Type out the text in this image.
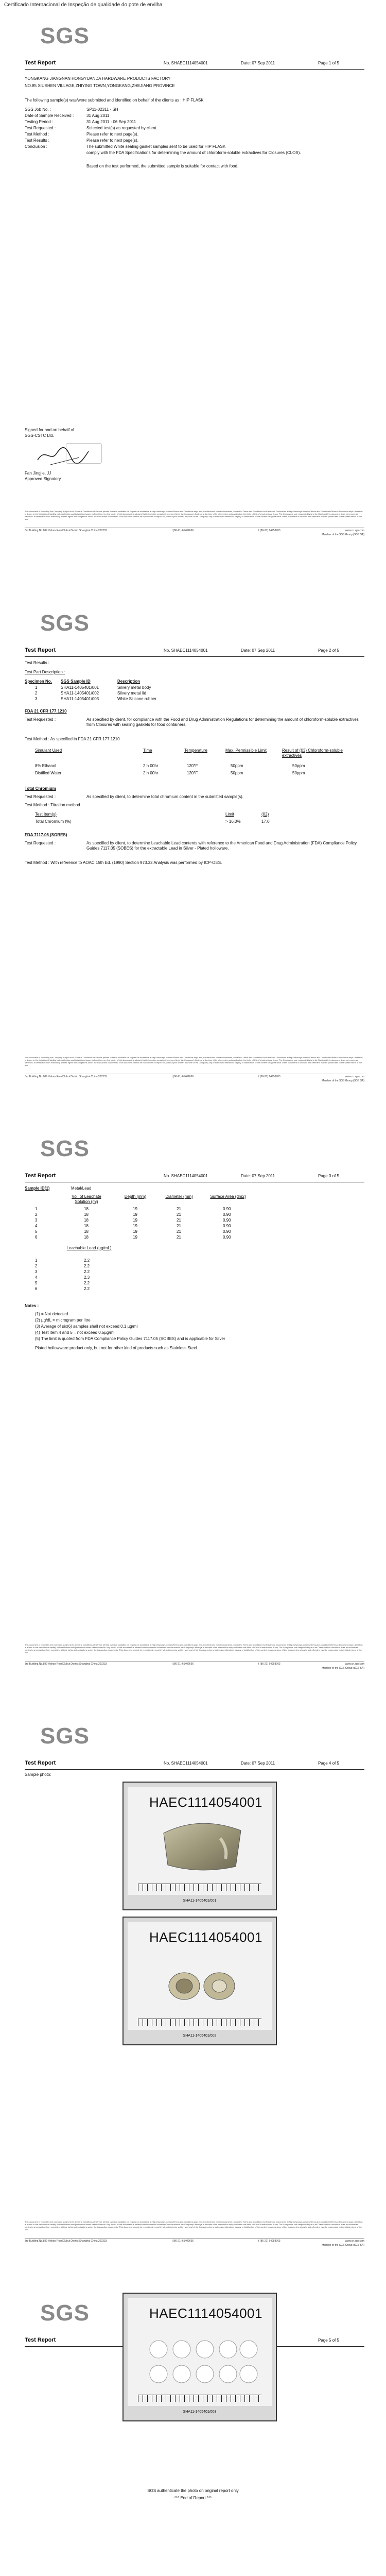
Certificado Internacional de Inspeção de qualidade do pote de ervilha
SGS
Test Report	No. SHAEC1114054001	Date: 07 Sep 2011	Page 1 of 5
YONGKANG JIANGNAN HONGYUANDA HARDWARE PRODUCTS FACTORY
NO.85 XIUSHEN VILLAGE,ZHIYING TOWN,YONGKANG,ZHEJIANG PROVINCE
The following sample(s) was/were submitted and identified on behalf of the clients as : HIP FLASK
SGS Job No. :	SP11-02311 - SH
Date of Sample Received :	31 Aug 2011
Testing Period :	31 Aug 2011 - 06 Sep 2011
Test Requested :	Selected test(s) as requested by client.
Test Method :	Please refer to next page(s).
Test Results :	Please refer to next page(s).
Conclusion :	The submitted White sealing gasket samples sent to be used for HIP FLASK
comply with the FDA Specifications for determining the amount of chloroform-soluble extractives for Closures (CLOS).
Based on the test performed, the submitted sample is suitable for contact with food.
Signed for and on behalf of
SGS-CSTC Ltd.
Fan Jingjie, JJ
Approved Signatory
This document is issued by the Company subject to its General Conditions of Service printed overleaf, available on request or accessible at http://www.sgs.com/en/Terms-and-Conditions.aspx and, for electronic format documents, subject to Terms and Conditions for Electronic Documents at http://www.sgs.com/en/Terms-and-Conditions/Terms-e-Document.aspx. Attention is drawn to the limitation of liability, indemnification and jurisdiction issues defined therein. Any holder of this document is advised that information contained hereon reflects the Company's findings at the time of its intervention only and within the limits of Client's instructions, if any. The Company's sole responsibility is to its Client and this document does not exonerate parties to a transaction from exercising all their rights and obligations under the transaction documents. This document cannot be reproduced except in full, without prior written approval of the Company. Any unauthorized alteration, forgery or falsification of the content or appearance of this document is unlawful and offenders may be prosecuted to the fullest extent of the law.
3rd Building,No.889 Yishan Road Xuhui District Shanghai China 200233	t (86-21) 61402666	f (86-21) 64958763	www.cn.sgs.com
Member of the SGS Group (SGS SA)
SGS
Test Report	No. SHAEC1114054001	Date: 07 Sep 2011	Page 2 of 5
Test Results :
Test Part Description :
Specimen No. SGS Sample ID	Description
1	SHA11-1405401/001	Silvery metal body
2	SHA11-1405401/002	Silvery metal lid
3	SHA11-1405401/003	White Silicone rubber
FDA 21 CFR 177.1210
Test Requested :	As specified by client, for compliance with the Food and Drug Administration Regulations for determining the amount of chloroform-soluble extractives from Closures with sealing gaskets for food containers.
Test Method : As specified in FDA 21 CFR 177.1210
Simulant Used	Time	Temperature	Max. Permissible Limit	Result of (03) Chloroform-soluble extractives
8% Ethanol	2 h 00hr	120°F	50ppm	50ppm
Distilled Water	2 h 00hr	120°F	50ppm	50ppm
Total Chromium
Test Requested :	As specified by client, to determine total chromium content in the submitted sample(s).
Test Method : Titration method
Test Item(s)	Limit	(02)
Total Chromium (%)	> 16.0%	17.0
FDA 7117.05 (SOBES)
Test Requested :	As specified by client, to determine Leachable Lead contents with reference to the American Food and Drug Administration (FDA) Compliance Policy Guides 7117.05 (SOBES) for the extractable Lead in Silver - Plated holloware.
Test Method : With reference to AOAC 15th Ed. (1990) Section 973.32 Analysis was performed by ICP-OES.
This document is issued by the Company subject to its General Conditions of Service printed overleaf, available on request or accessible at http://www.sgs.com/en/Terms-and-Conditions.aspx and, for electronic format documents, subject to Terms and Conditions for Electronic Documents at http://www.sgs.com/en/Terms-and-Conditions/Terms-e-Document.aspx. Attention is drawn to the limitation of liability, indemnification and jurisdiction issues defined therein. Any holder of this document is advised that information contained hereon reflects the Company's findings at the time of its intervention only and within the limits of Client's instructions, if any. The Company's sole responsibility is to its Client and this document does not exonerate parties to a transaction from exercising all their rights and obligations under the transaction documents. This document cannot be reproduced except in full, without prior written approval of the Company. Any unauthorized alteration, forgery or falsification of the content or appearance of this document is unlawful and offenders may be prosecuted to the fullest extent of the law.
3rd Building,No.889 Yishan Road Xuhui District Shanghai China 200233	t (86-21) 61402666	f (86-21) 64958763	www.cn.sgs.com
Member of the SGS Group (SGS SA)
SGS
Test Report	No. SHAEC1114054001	Date: 07 Sep 2011	Page 3 of 5
Sample ID(1)	Metal/Lead
Vol. of Leachate Solution (ml)
Depth (mm)	Diameter (mm)	Surface Area (dm2)
1	18	19	21	0.90
2	18	19	21	0.90
3	18	19	21	0.90
4	18	19	21	0.90
5	18	19	21	0.90
6	18	19	21	0.90
Leachable Lead (µg/mL)
1	2.2
2	2.2
3	2.2
4	2.3
5	2.2
6	2.2
Notes :
(1) = Not detected
(2) µg/dL = microgram per litre
(3) Average of six(6) samples shall not exceed 0.1 µg/ml
(4) Test item 4 and 5 = not exceed 0.5µg/ml
(5) The limit is quoted from FDA Compliance Policy Guides 7117.05 (SOBES) and is applicable for Silver
Plated hollowware product only, but not for other kind of products such as Stainless Steel.
This document is issued by the Company subject to its General Conditions of Service printed overleaf, available on request or accessible at http://www.sgs.com/en/Terms-and-Conditions.aspx and, for electronic format documents, subject to Terms and Conditions for Electronic Documents at http://www.sgs.com/en/Terms-and-Conditions/Terms-e-Document.aspx. Attention is drawn to the limitation of liability, indemnification and jurisdiction issues defined therein. Any holder of this document is advised that information contained hereon reflects the Company's findings at the time of its intervention only and within the limits of Client's instructions, if any. The Company's sole responsibility is to its Client and this document does not exonerate parties to a transaction from exercising all their rights and obligations under the transaction documents. This document cannot be reproduced except in full, without prior written approval of the Company. Any unauthorized alteration, forgery or falsification of the content or appearance of this document is unlawful and offenders may be prosecuted to the fullest extent of the law.
3rd Building,No.889 Yishan Road Xuhui District Shanghai China 200233	t (86-21) 61402666	f (86-21) 64958763	www.cn.sgs.com
Member of the SGS Group (SGS SA)
SGS
Test Report	No. SHAEC1114054001	Date: 07 Sep 2011	Page 4 of 5
Sample photo:
HAEC1114054001
SHA11-1405401/001
HAEC1114054001
SHA11-1405401/002
This document is issued by the Company subject to its General Conditions of Service printed overleaf, available on request or accessible at http://www.sgs.com/en/Terms-and-Conditions.aspx and, for electronic format documents, subject to Terms and Conditions for Electronic Documents at http://www.sgs.com/en/Terms-and-Conditions/Terms-e-Document.aspx. Attention is drawn to the limitation of liability, indemnification and jurisdiction issues defined therein. Any holder of this document is advised that information contained hereon reflects the Company's findings at the time of its intervention only and within the limits of Client's instructions, if any. The Company's sole responsibility is to its Client and this document does not exonerate parties to a transaction from exercising all their rights and obligations under the transaction documents. This document cannot be reproduced except in full, without prior written approval of the Company. Any unauthorized alteration, forgery or falsification of the content or appearance of this document is unlawful and offenders may be prosecuted to the fullest extent of the law.
3rd Building,No.889 Yishan Road Xuhui District Shanghai China 200233	t (86-21) 61402666	f (86-21) 64958763	www.cn.sgs.com
Member of the SGS Group (SGS SA)
SGS
Test Report	Page 5 of 5
HAEC1114054001
SHA11-1405401/003
SGS authenticate the photo on original report only
*** End of Report ***
